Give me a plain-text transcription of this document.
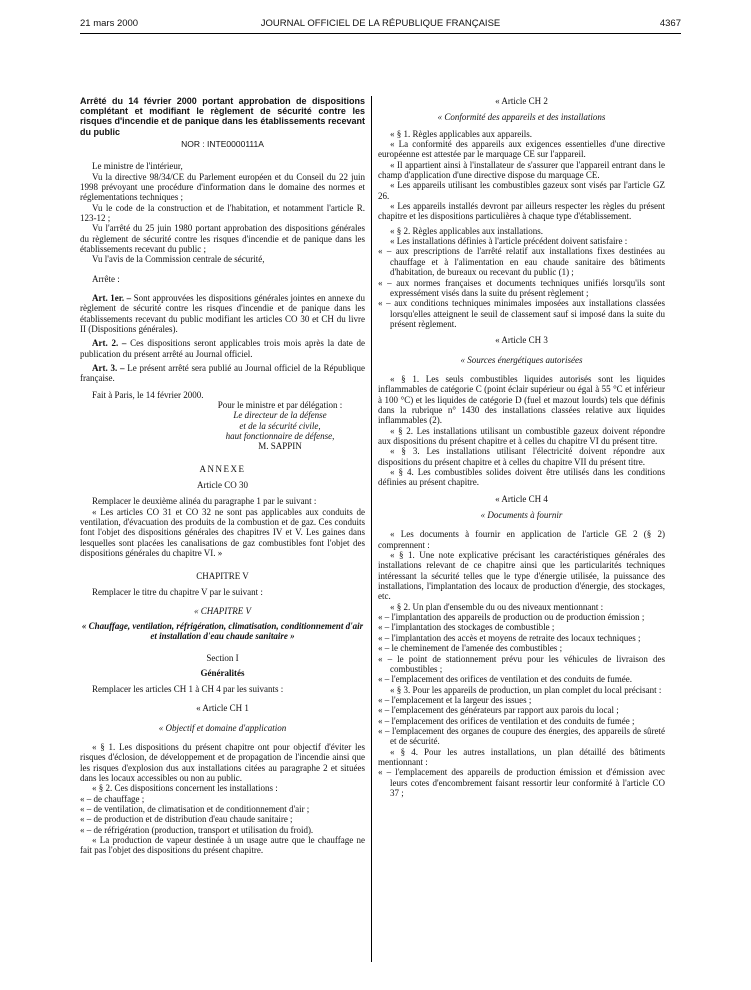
21 mars 2000	JOURNAL OFFICIEL DE LA RÉPUBLIQUE FRANÇAISE	4367

Arrêté du 14 février 2000 portant approbation de dispositions complétant et modifiant le règlement de sécurité contre les risques d'incendie et de panique dans les établissements recevant du public

NOR : INTE0000111A

Le ministre de l'intérieur,

Vu la directive 98/34/CE du Parlement européen et du Conseil du 22 juin 1998 prévoyant une procédure d'information dans le domaine des normes et réglementations techniques ;

Vu le code de la construction et de l'habitation, et notamment l'article R. 123-12 ;

Vu l'arrêté du 25 juin 1980 portant approbation des dispositions générales du règlement de sécurité contre les risques d'incendie et de panique dans les établissements recevant du public ;

Vu l'avis de la Commission centrale de sécurité,

Arrête :

Art. 1er. – Sont approuvées les dispositions générales jointes en annexe du règlement de sécurité contre les risques d'incendie et de panique dans les établissements recevant du public modifiant les articles CO 30 et CH du livre II (Dispositions générales).

Art. 2. – Ces dispositions seront applicables trois mois après la date de publication du présent arrêté au Journal officiel.

Art. 3. – Le présent arrêté sera publié au Journal officiel de la République française.

Fait à Paris, le 14 février 2000.

Pour le ministre et par délégation :

Le directeur de la défense

et de la sécurité civile,

haut fonctionnaire de défense,

M. SAPPIN

ANNEXE

Article CO 30

Remplacer le deuxième alinéa du paragraphe 1 par le suivant :

« Les articles CO 31 et CO 32 ne sont pas applicables aux conduits de ventilation, d'évacuation des produits de la combustion et de gaz. Ces conduits font l'objet des dispositions générales des chapitres IV et V. Les gaines dans lesquelles sont placées les canalisations de gaz combustibles font l'objet des dispositions générales du chapitre VI. »

CHAPITRE V

Remplacer le titre du chapitre V par le suivant :

« CHAPITRE V

« Chauffage, ventilation, réfrigération, climatisation, conditionnement d'air et installation d'eau chaude sanitaire »

Section I

Généralités

Remplacer les articles CH 1 à CH 4 par les suivants :

« Article CH 1

« Objectif et domaine d'application

« § 1. Les dispositions du présent chapitre ont pour objectif d'éviter les risques d'éclosion, de développement et de propagation de l'incendie ainsi que les risques d'explosion dus aux installations citées au paragraphe 2 et situées dans les locaux accessibles ou non au public.

« § 2. Ces dispositions concernent les installations :

« – de chauffage ;

« – de ventilation, de climatisation et de conditionnement d'air ;

« – de production et de distribution d'eau chaude sanitaire ;

« – de réfrigération (production, transport et utilisation du froid).

« La production de vapeur destinée à un usage autre que le chauffage ne fait pas l'objet des dispositions du présent chapitre.

« Article CH 2

« Conformité des appareils et des installations

« § 1. Règles applicables aux appareils.

« La conformité des appareils aux exigences essentielles d'une directive européenne est attestée par le marquage CE sur l'appareil.

« Il appartient ainsi à l'installateur de s'assurer que l'appareil entrant dans le champ d'application d'une directive dispose du marquage CE.

« Les appareils utilisant les combustibles gazeux sont visés par l'article GZ 26.

« Les appareils installés devront par ailleurs respecter les règles du présent chapitre et les dispositions particulières à chaque type d'établissement.

« § 2. Règles applicables aux installations.

« Les installations définies à l'article précédent doivent satisfaire :

« – aux prescriptions de l'arrêté relatif aux installations fixes destinées au chauffage et à l'alimentation en eau chaude sanitaire des bâtiments d'habitation, de bureaux ou recevant du public (1) ;

« – aux normes françaises et documents techniques unifiés lorsqu'ils sont expressément visés dans la suite du présent règlement ;

« – aux conditions techniques minimales imposées aux installations classées lorsqu'elles atteignent le seuil de classement sauf si imposé dans la suite du présent règlement.

« Article CH 3

« Sources énergétiques autorisées

« § 1. Les seuls combustibles liquides autorisés sont les liquides inflammables de catégorie C (point éclair supérieur ou égal à 55 °C et inférieur à 100 °C) et les liquides de catégorie D (fuel et mazout lourds) tels que définis dans la rubrique n° 1430 des installations classées relative aux liquides inflammables (2).

« § 2. Les installations utilisant un combustible gazeux doivent répondre aux dispositions du présent chapitre et à celles du chapitre VI du présent titre.

« § 3. Les installations utilisant l'électricité doivent répondre aux dispositions du présent chapitre et à celles du chapitre VII du présent titre.

« § 4. Les combustibles solides doivent être utilisés dans les conditions définies au présent chapitre.

« Article CH 4

« Documents à fournir

« Les documents à fournir en application de l'article GE 2 (§ 2) comprennent :

« § 1. Une note explicative précisant les caractéristiques générales des installations relevant de ce chapitre ainsi que les particularités techniques intéressant la sécurité telles que le type d'énergie utilisée, la puissance des installations, l'implantation des locaux de production d'énergie, des stockages, etc.

« § 2. Un plan d'ensemble du ou des niveaux mentionnant :

« – l'implantation des appareils de production ou de production émission ;

« – l'implantation des stockages de combustible ;

« – l'implantation des accès et moyens de retraite des locaux techniques ;

« – le cheminement de l'amenée des combustibles ;

« – le point de stationnement prévu pour les véhicules de livraison des combustibles ;

« – l'emplacement des orifices de ventilation et des conduits de fumée.

« § 3. Pour les appareils de production, un plan complet du local précisant :

« – l'emplacement et la largeur des issues ;

« – l'emplacement des générateurs par rapport aux parois du local ;

« – l'emplacement des orifices de ventilation et des conduits de fumée ;

« – l'emplacement des organes de coupure des énergies, des appareils de sûreté et de sécurité.

« § 4. Pour les autres installations, un plan détaillé des bâtiments mentionnant :

« – l'emplacement des appareils de production émission et d'émission avec leurs cotes d'encombrement faisant ressortir leur conformité à l'article CO 37 ;
